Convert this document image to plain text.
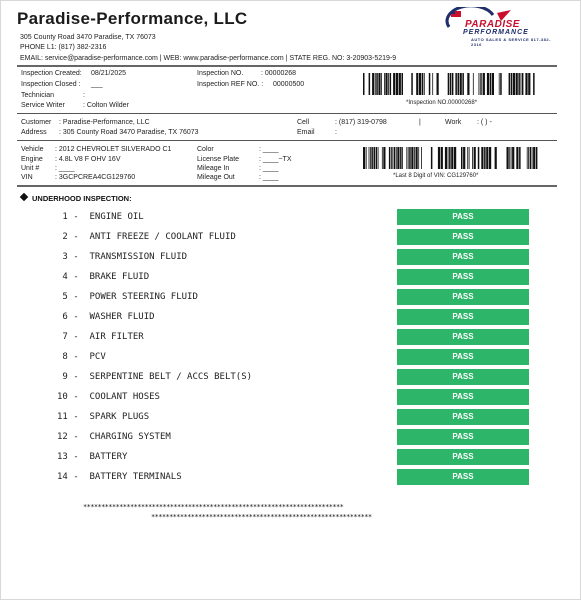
Paradise-Performance, LLC
305 County Road 3470 Paradise, TX 76073
PHONE L1: (817) 382-2316
EMAIL: service@paradise-performance.com | WEB: www.paradise-performance.com | STATE REG. NO: 3-20903-5219-9
PARADISE
PERFORMANCE
AUTO SALES & SERVICE 817-382-2316
Inspection Created: 08/21/2025
Inspection Closed : ___
Technician	:
Service Writer	: Colton Wilder
Inspection NO.	: 00000268
Inspection REF NO. : 00000500
*Inspection NO.00000268*
Customer : Paradise-Performance, LLC
Address : 305 County Road 3470 Paradise, TX 76073
Cell	: (817) 319-0798	|	Work : ( ) -
Email	:
Vehicle : 2012 CHEVROLET SILVERADO C1
Engine : 4.8L V8 F OHV 16V
Unit # : ____
VIN	: 3GCPCREA4CG129760
Color	: ____
License Plate	: ____~TX
Mileage In	: ____
Mileage Out	: ____	*Last 8 Digit of VIN: CG129760*
UNDERHOOD INSPECTION:
1 -  ENGINE OIL	PASS
2 -  ANTI FREEZE / COOLANT FLUID	PASS
3 -  TRANSMISSION FLUID	PASS
4 -  BRAKE FLUID	PASS
5 -  POWER STEERING FLUID	PASS
6 -  WASHER FLUID	PASS
7 -  AIR FILTER	PASS
8 -  PCV	PASS
9 -  SERPENTINE BELT / ACCS BELT(S)	PASS
10 -  COOLANT HOSES	PASS
11 -  SPARK PLUGS	PASS
12 -  CHARGING SYSTEM	PASS
13 -  BATTERY	PASS
14 -  BATTERY TERMINALS	PASS
************************************************************************
*************************************************************
